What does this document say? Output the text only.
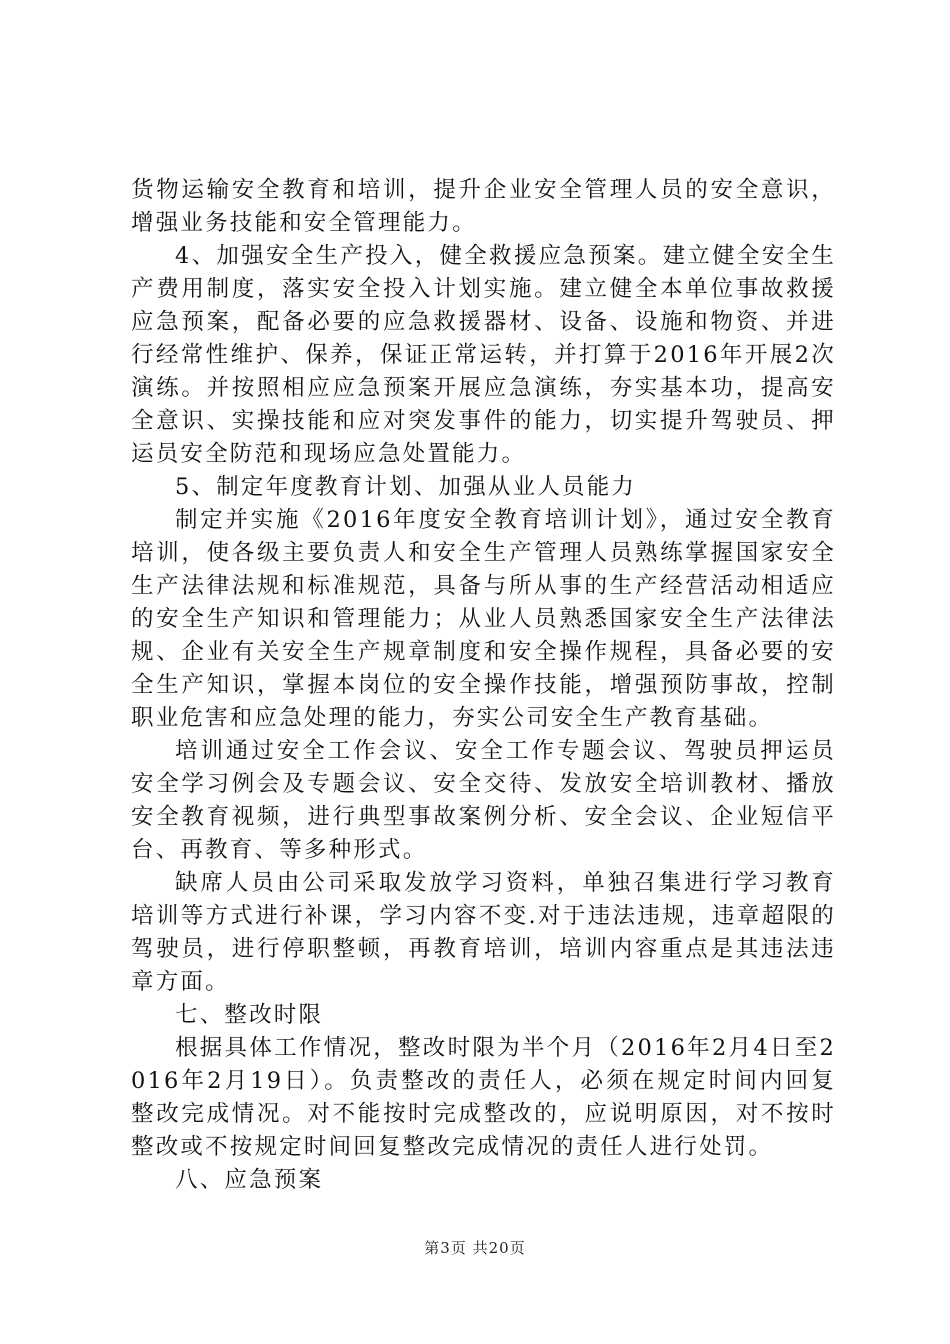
货物运输安全教育和培训，提升企业安全管理人员的安全意识，增强业务技能和安全管理能力。

4、加强安全生产投入，健全救援应急预案。建立健全安全生产费用制度，落实安全投入计划实施。建立健全本单位事故救援应急预案，配备必要的应急救援器材、设备、设施和物资、并进行经常性维护、保养，保证正常运转，并打算于2016年开展2次演练。并按照相应应急预案开展应急演练，夯实基本功，提高安全意识、实操技能和应对突发事件的能力，切实提升驾驶员、押运员安全防范和现场应急处置能力。

5、制定年度教育计划、加强从业人员能力

制定并实施《2016年度安全教育培训计划》，通过安全教育培训，使各级主要负责人和安全生产管理人员熟练掌握国家安全生产法律法规和标准规范，具备与所从事的生产经营活动相适应的安全生产知识和管理能力；从业人员熟悉国家安全生产法律法规、企业有关安全生产规章制度和安全操作规程，具备必要的安全生产知识，掌握本岗位的安全操作技能，增强预防事故，控制职业危害和应急处理的能力，夯实公司安全生产教育基础。

培训通过安全工作会议、安全工作专题会议、驾驶员押运员安全学习例会及专题会议、安全交待、发放安全培训教材、播放安全教育视频，进行典型事故案例分析、安全会议、企业短信平台、再教育、等多种形式。

缺席人员由公司采取发放学习资料，单独召集进行学习教育培训等方式进行补课，学习内容不变.对于违法违规，违章超限的驾驶员，进行停职整顿，再教育培训，培训内容重点是其违法违章方面。

七、整改时限

根据具体工作情况，整改时限为半个月（2016年2月4日至2016年2月19日）。负责整改的责任人，必须在规定时间内回复整改完成情况。对不能按时完成整改的，应说明原因，对不按时整改或不按规定时间回复整改完成情况的责任人进行处罚。

八、应急预案

第3页 共20页
